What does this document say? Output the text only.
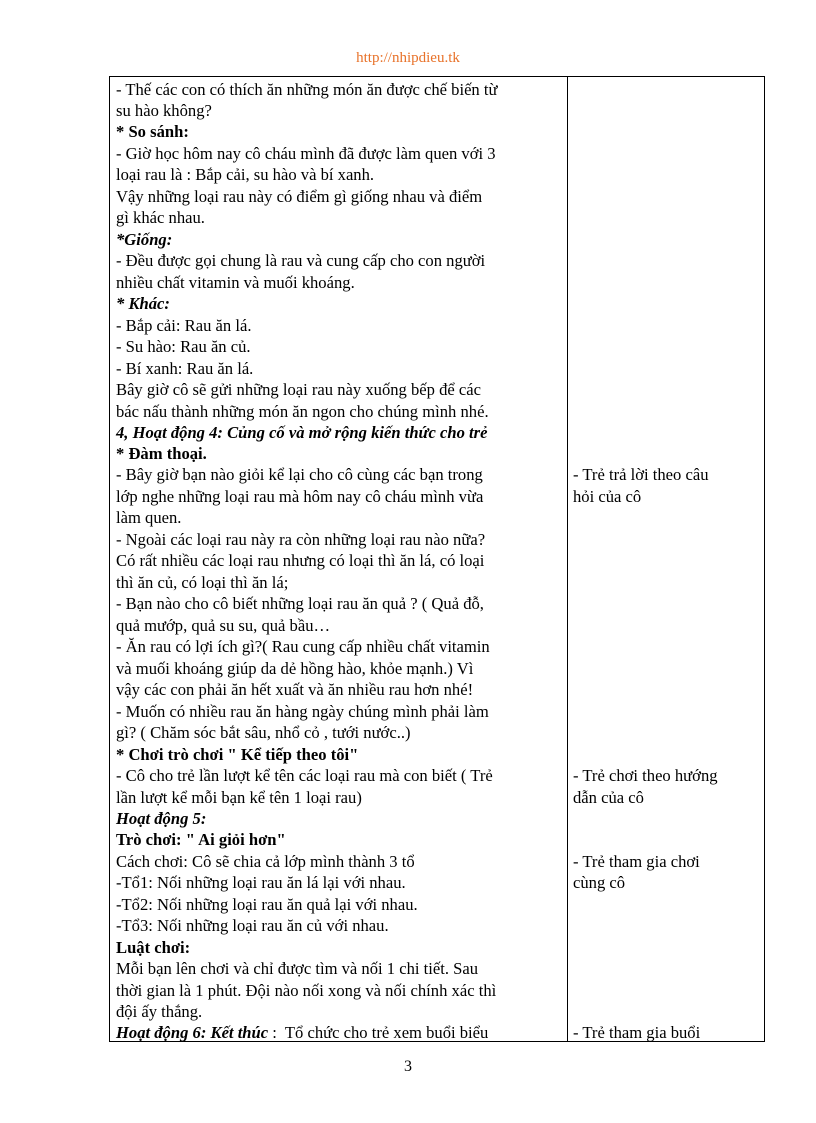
http://nhipdieu.tk
- Thế các con có thích ăn những món ăn được chế biến từ
su hào không?
* So sánh:
- Giờ học hôm nay cô cháu mình đã được làm quen với 3
loại rau là : Bắp cải, su hào và bí xanh.
Vậy những loại rau này có điểm gì giống nhau và điểm
gì khác nhau.
*Giống:
- Đều được gọi chung là rau và cung cấp cho con người
nhiều chất vitamin và muối khoáng.
* Khác:
- Bắp cải: Rau ăn lá.
- Su hào: Rau ăn củ.
- Bí xanh: Rau ăn lá.
Bây giờ cô sẽ gửi những loại rau này xuống bếp để các
bác nấu thành những món ăn ngon cho chúng mình nhé.
4, Hoạt động 4: Củng cố và mở rộng kiến thức cho trẻ
* Đàm thoại.
- Bây giờ bạn nào giỏi kể lại cho cô cùng các bạn trong
lớp nghe những loại rau mà hôm nay cô cháu mình vừa
làm quen.
- Ngoài các loại rau này ra còn những loại rau nào nữa?
Có rất nhiều các loại rau nhưng có loại thì ăn lá, có loại
thì ăn củ, có loại thì ăn lá;
- Bạn nào cho cô biết những loại rau ăn quả ? ( Quả đỗ,
quả mướp, quả su su, quả bầu…
- Ăn rau có lợi ích gì?( Rau cung cấp nhiều chất vitamin
và muối khoáng giúp da dẻ hồng hào, khỏe mạnh.) Vì
vậy các con phải ăn hết xuất và ăn nhiều rau hơn nhé!
- Muốn có nhiều rau ăn hàng ngày chúng mình phải làm
gì? ( Chăm sóc bắt sâu, nhổ cỏ , tưới nước..)
* Chơi trò chơi " Kể tiếp theo tôi"
- Cô cho trẻ lần lượt kể tên các loại rau mà con biết ( Trẻ
lần lượt kể mỗi bạn kể tên 1 loại rau)
Hoạt động 5:
Trò chơi: " Ai giỏi hơn"
Cách chơi: Cô sẽ chia cả lớp mình thành 3 tổ
-Tổ1: Nối những loại rau ăn lá lại với nhau.
-Tổ2: Nối những loại rau ăn quả lại với nhau.
-Tổ3: Nối những loại rau ăn củ với nhau.
Luật chơi:
Mỗi bạn lên chơi và chỉ được tìm và nối 1 chi tiết. Sau
thời gian là 1 phút. Đội nào nối xong và nối chính xác thì
đội ấy thắng.
Hoạt động 6: Kết thúc :  Tổ chức cho trẻ xem buổi biểu
- Trẻ trả lời theo câu
hỏi của cô
- Trẻ chơi theo hướng
dẫn của cô
- Trẻ tham gia chơi
cùng cô
- Trẻ tham gia buổi
3
